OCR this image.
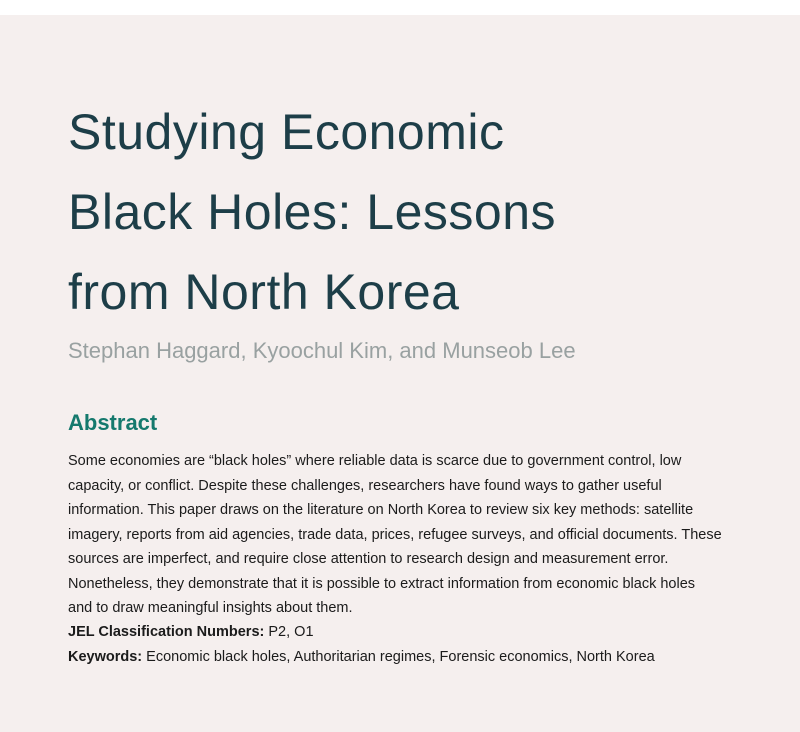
Studying Economic
Black Holes: Lessons
from North Korea
Stephan Haggard, Kyoochul Kim, and Munseob Lee
Abstract
Some economies are “black holes” where reliable data is scarce due to government control, low
capacity, or conflict. Despite these challenges, researchers have found ways to gather useful
information. This paper draws on the literature on North Korea to review six key methods: satellite
imagery, reports from aid agencies, trade data, prices, refugee surveys, and official documents. These
sources are imperfect, and require close attention to research design and measurement error.
Nonetheless, they demonstrate that it is possible to extract information from economic black holes
and to draw meaningful insights about them.
JEL Classification Numbers: P2, O1
Keywords: Economic black holes, Authoritarian regimes, Forensic economics, North Korea
